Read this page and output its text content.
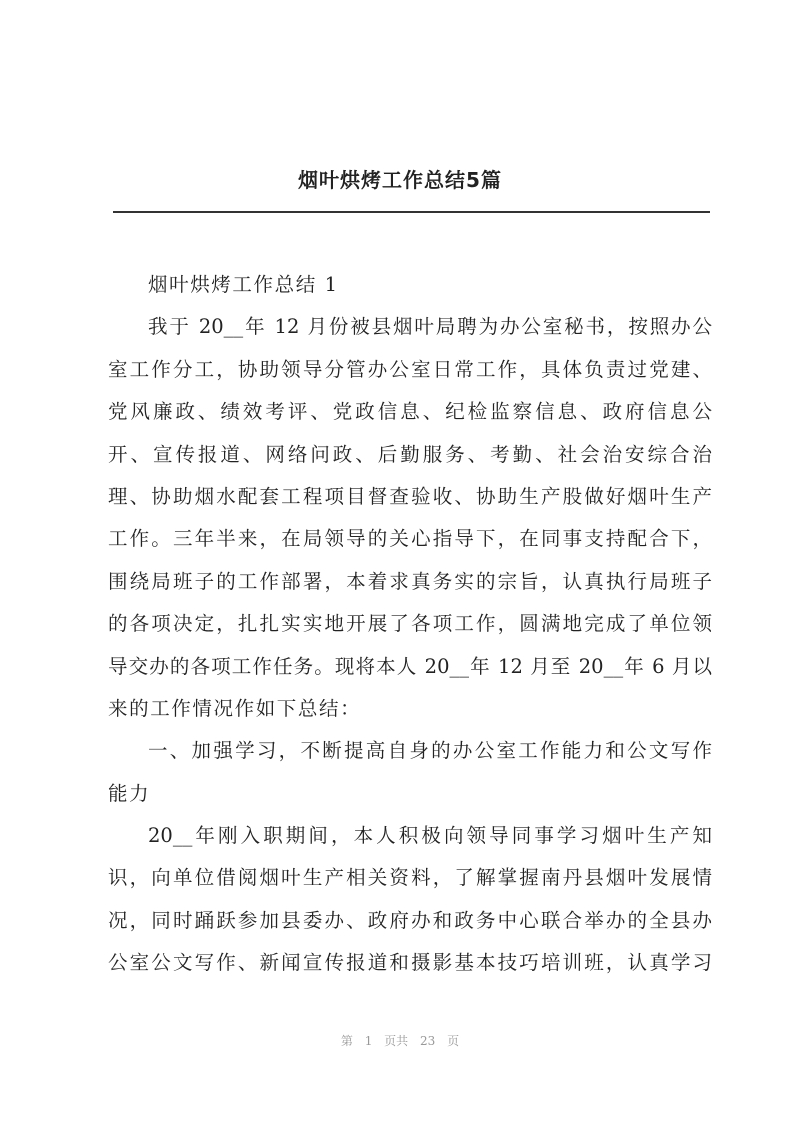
烟叶烘烤工作总结5篇
烟叶烘烤工作总结 1
我于 20__年 12 月份被县烟叶局聘为办公室秘书，按照办公
室工作分工，协助领导分管办公室日常工作，具体负责过党建、
党风廉政、绩效考评、党政信息、纪检监察信息、政府信息公
开、宣传报道、网络问政、后勤服务、考勤、社会治安综合治
理、协助烟水配套工程项目督查验收、协助生产股做好烟叶生产
工作。三年半来，在局领导的关心指导下，在同事支持配合下，
围绕局班子的工作部署，本着求真务实的宗旨，认真执行局班子
的各项决定，扎扎实实地开展了各项工作，圆满地完成了单位领
导交办的各项工作任务。现将本人 20__年 12 月至 20__年 6 月以
来的工作情况作如下总结：
一、加强学习，不断提高自身的办公室工作能力和公文写作
能力
20__年刚入职期间，本人积极向领导同事学习烟叶生产知
识，向单位借阅烟叶生产相关资料，了解掌握南丹县烟叶发展情
况，同时踊跃参加县委办、政府办和政务中心联合举办的全县办
公室公文写作、新闻宣传报道和摄影基本技巧培训班，认真学习
第 1 页共 23 页
